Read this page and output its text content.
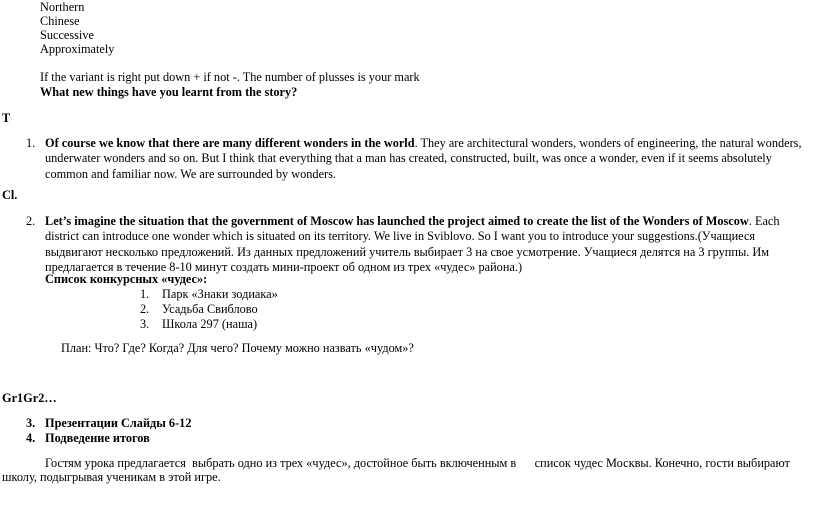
Northern
Chinese
Successive
Approximately
If the variant is right put down + if not -. The number of plusses is your mark
What new things have you learnt from the story?
T
1. Of course we know that there are many different wonders in the world. They are architectural wonders, wonders of engineering, the natural wonders, underwater wonders and so on. But I think that everything that a man has created, constructed, built, was once a wonder, even if it seems absolutely common and familiar now. We are surrounded by wonders.
Cl.
2. Let’s imagine the situation that the government of Moscow has launched the project aimed to create the list of the Wonders of Moscow. Each district can introduce one wonder which is situated on its territory. We live in Sviblovo. So I want you to introduce your suggestions.(Учащиеся выдвигают несколько предложений. Из данных предложений учитель выбирает 3 на свое усмотрение. Учащиеся делятся на 3 группы. Им предлагается в течение 8-10 минут создать мини-проект об одном из трех «чудес» района.)
Список конкурсных «чудес»:
1. Парк «Знаки зодиака»
2. Усадьба Свиблово
3. Школа 297 (наша)
План: Что? Где? Когда? Для чего? Почему можно назвать «чудом»?
Gr1Gr2…
3. Презентации Слайды 6-12
4. Подведение итогов
Гостям урока предлагается  выбрать одно из трех «чудес», достойное быть включенным в      список чудес Москвы. Конечно, гости выбирают
школу, подыгрывая ученикам в этой игре.
